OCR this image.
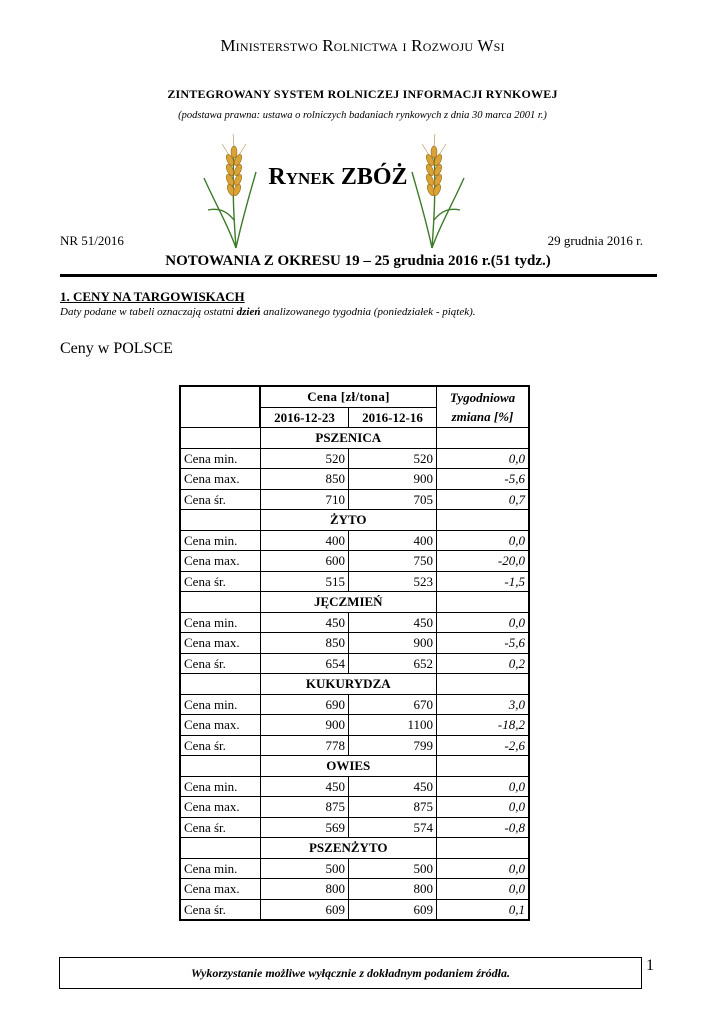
Ministerstwo Rolnictwa i Rozwoju Wsi
ZINTEGROWANY SYSTEM ROLNICZEJ INFORMACJI RYNKOWEJ
(podstawa prawna: ustawa o rolniczych badaniach rynkowych z dnia 30 marca 2001 r.)
Rynek ZBÓŻ
NR 51/2016	29 grudnia 2016 r.
NOTOWANIA Z OKRESU 19 – 25 grudnia 2016 r.(51 tydz.)
1. CENY NA TARGOWISKACH
Daty podane w tabeli oznaczają ostatni dzień analizowanego tygodnia (poniedziałek - piątek).
Ceny w POLSCE
	Cena [zł/tona]		Tygodniowa
zmiana [%]
	2016-12-23	2016-12-16	
	PSZENICA		
Cena min.	520	520	0,0
Cena max.	850	900	-5,6
Cena śr.	710	705	0,7
	ŻYTO		
Cena min.	400	400	0,0
Cena max.	600	750	-20,0
Cena śr.	515	523	-1,5
	JĘCZMIEŃ		
Cena min.	450	450	0,0
Cena max.	850	900	-5,6
Cena śr.	654	652	0,2
	KUKURYDZA		
Cena min.	690	670	3,0
Cena max.	900	1100	-18,2
Cena śr.	778	799	-2,6
	OWIES		
Cena min.	450	450	0,0
Cena max.	875	875	0,0
Cena śr.	569	574	-0,8
	PSZENŻYTO		
Cena min.	500	500	0,0
Cena max.	800	800	0,0
Cena śr.	609	609	0,1
Wykorzystanie możliwe wyłącznie z dokładnym podaniem źródła.	1
